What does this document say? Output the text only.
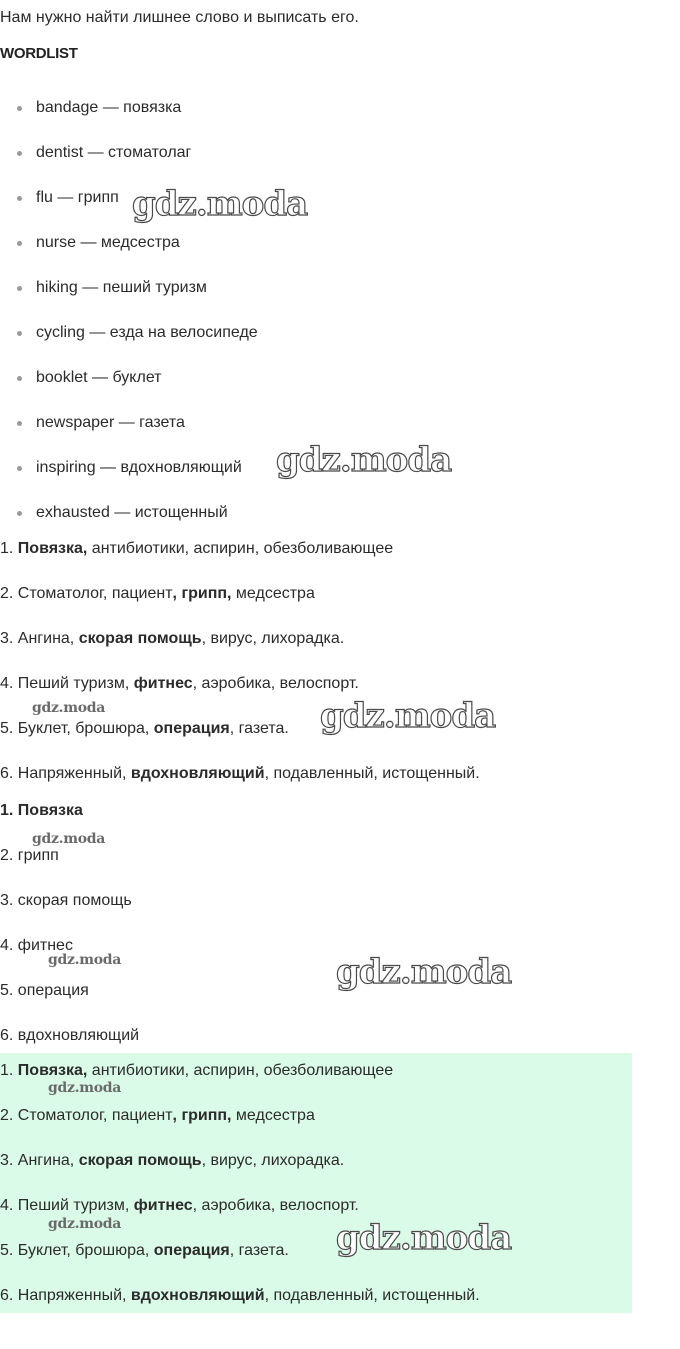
Нам нужно найти лишнее слово и выписать его.
WORDLIST
bandage — повязка
dentist — стоматолаг
flu — грипп
nurse — медсестра
hiking — пеший туризм
cycling — езда на велосипеде
booklet — буклет
newspaper — газета
inspiring — вдохновляющий
exhausted — истощенный
1. Повязка, антибиотики, аспирин, обезболивающее
2. Стоматолог, пациент, грипп, медсестра
3. Ангина, скорая помощь, вирус, лихорадка.
4. Пеший туризм, фитнес, аэробика, велоспорт.
5. Буклет, брошюра, операция, газета.
6. Напряженный, вдохновляющий, подавленный, истощенный.
1. Повязка
2. грипп
3. скорая помощь
4. фитнес
5. операция
6. вдохновляющий
1. Повязка, антибиотики, аспирин, обезболивающее
2. Стоматолог, пациент, грипп, медсестра
3. Ангина, скорая помощь, вирус, лихорадка.
4. Пеший туризм, фитнес, аэробика, велоспорт.
5. Буклет, брошюра, операция, газета.
6. Напряженный, вдохновляющий, подавленный, истощенный.
gdz.moda
gdz.moda
gdz.moda
gdz.moda
gdz.moda
gdz.moda
gdz.moda
gdz.moda
gdz.moda
gdz.moda
